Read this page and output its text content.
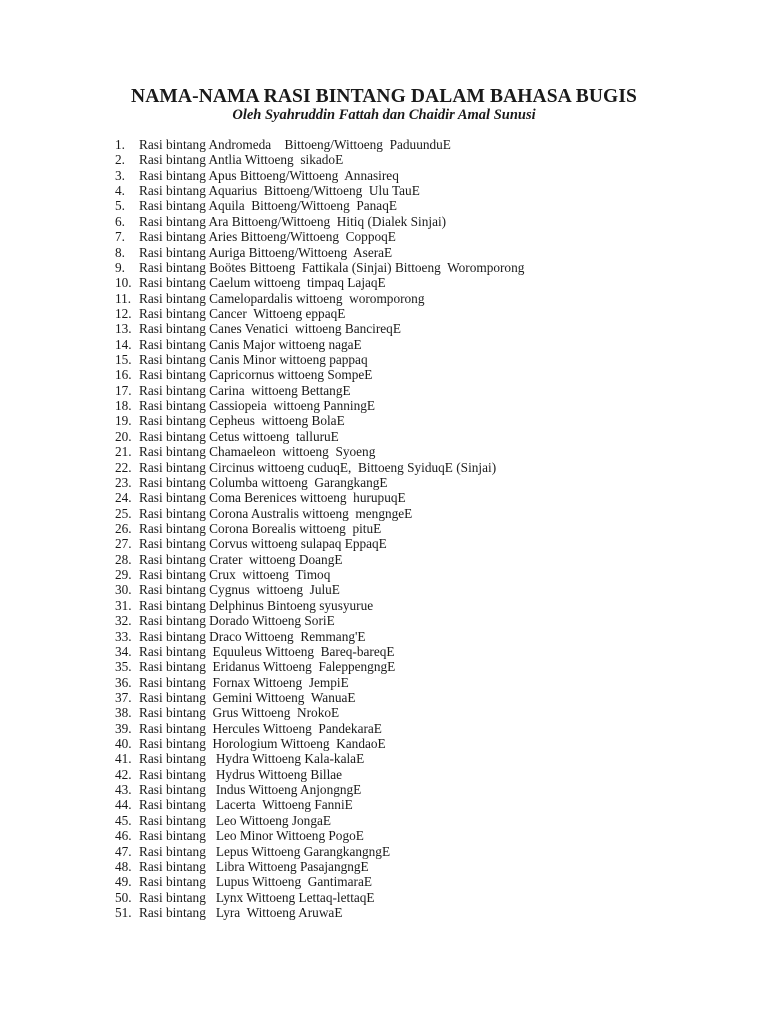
NAMA-NAMA RASI BINTANG DALAM BAHASA BUGIS
Oleh Syahruddin Fattah dan Chaidir Amal Sunusi
1.	Rasi bintang Andromeda    Bittoeng/Wittoeng  PaduunduE
2.	Rasi bintang Antlia Wittoeng  sikadoE
3.	Rasi bintang Apus Bittoeng/Wittoeng  Annasireq
4.	Rasi bintang Aquarius  Bittoeng/Wittoeng  Ulu TauE
5.	Rasi bintang Aquila  Bittoeng/Wittoeng  PanaqE
6.	Rasi bintang Ara Bittoeng/Wittoeng  Hitiq (Dialek Sinjai)
7.	Rasi bintang Aries Bittoeng/Wittoeng  CoppoqE
8.	Rasi bintang Auriga Bittoeng/Wittoeng  AseraE
9.	Rasi bintang Boötes Bittoeng  Fattikala (Sinjai) Bittoeng  Woromporong
10. Rasi bintang Caelum wittoeng  timpaq LajaqE
11. Rasi bintang Camelopardalis wittoeng  woromporong
12. Rasi bintang Cancer  Wittoeng eppaqE
13. Rasi bintang Canes Venatici  wittoeng BancireqE
14. Rasi bintang Canis Major wittoeng nagaE
15. Rasi bintang Canis Minor wittoeng pappaq
16. Rasi bintang Capricornus wittoeng SompeE
17. Rasi bintang Carina  wittoeng BettangE
18. Rasi bintang Cassiopeia  wittoeng PanningE
19. Rasi bintang Cepheus  wittoeng BolaE
20. Rasi bintang Cetus wittoeng  talluruE
21. Rasi bintang Chamaeleon  wittoeng  Syoeng
22. Rasi bintang Circinus wittoeng cuduqE,  Bittoeng SyiduqE (Sinjai)
23. Rasi bintang Columba wittoeng  GarangkangE
24. Rasi bintang Coma Berenices wittoeng  hurupuqE
25. Rasi bintang Corona Australis wittoeng  mengngeE
26. Rasi bintang Corona Borealis wittoeng  pituE
27. Rasi bintang Corvus wittoeng sulapaq EppaqE
28. Rasi bintang Crater  wittoeng DoangE
29. Rasi bintang Crux  wittoeng  Timoq
30. Rasi bintang Cygnus  wittoeng  JuluE
31. Rasi bintang Delphinus Bintoeng syusyurue
32. Rasi bintang Dorado Wittoeng SoriE
33. Rasi bintang Draco Wittoeng  Remmang'E
34. Rasi bintang  Equuleus Wittoeng  Bareq-bareqE
35. Rasi bintang  Eridanus Wittoeng  FaleppengngE
36. Rasi bintang  Fornax Wittoeng  JempiE
37. Rasi bintang  Gemini Wittoeng  WanuaE
38. Rasi bintang  Grus Wittoeng  NrokoE
39. Rasi bintang  Hercules Wittoeng  PandekaraE
40. Rasi bintang  Horologium Wittoeng  KandaoE
41. Rasi bintang   Hydra Wittoeng Kala-kalaE
42. Rasi bintang   Hydrus Wittoeng Billae
43. Rasi bintang   Indus Wittoeng AnjongngE
44. Rasi bintang   Lacerta  Wittoeng FanniE
45. Rasi bintang   Leo Wittoeng JongaE
46. Rasi bintang   Leo Minor Wittoeng PogoE
47. Rasi bintang   Lepus Wittoeng GarangkangngE
48. Rasi bintang   Libra Wittoeng PasajangngE
49. Rasi bintang   Lupus Wittoeng  GantimaraE
50. Rasi bintang   Lynx Wittoeng Lettaq-lettaqE
51. Rasi bintang   Lyra  Wittoeng AruwaE
